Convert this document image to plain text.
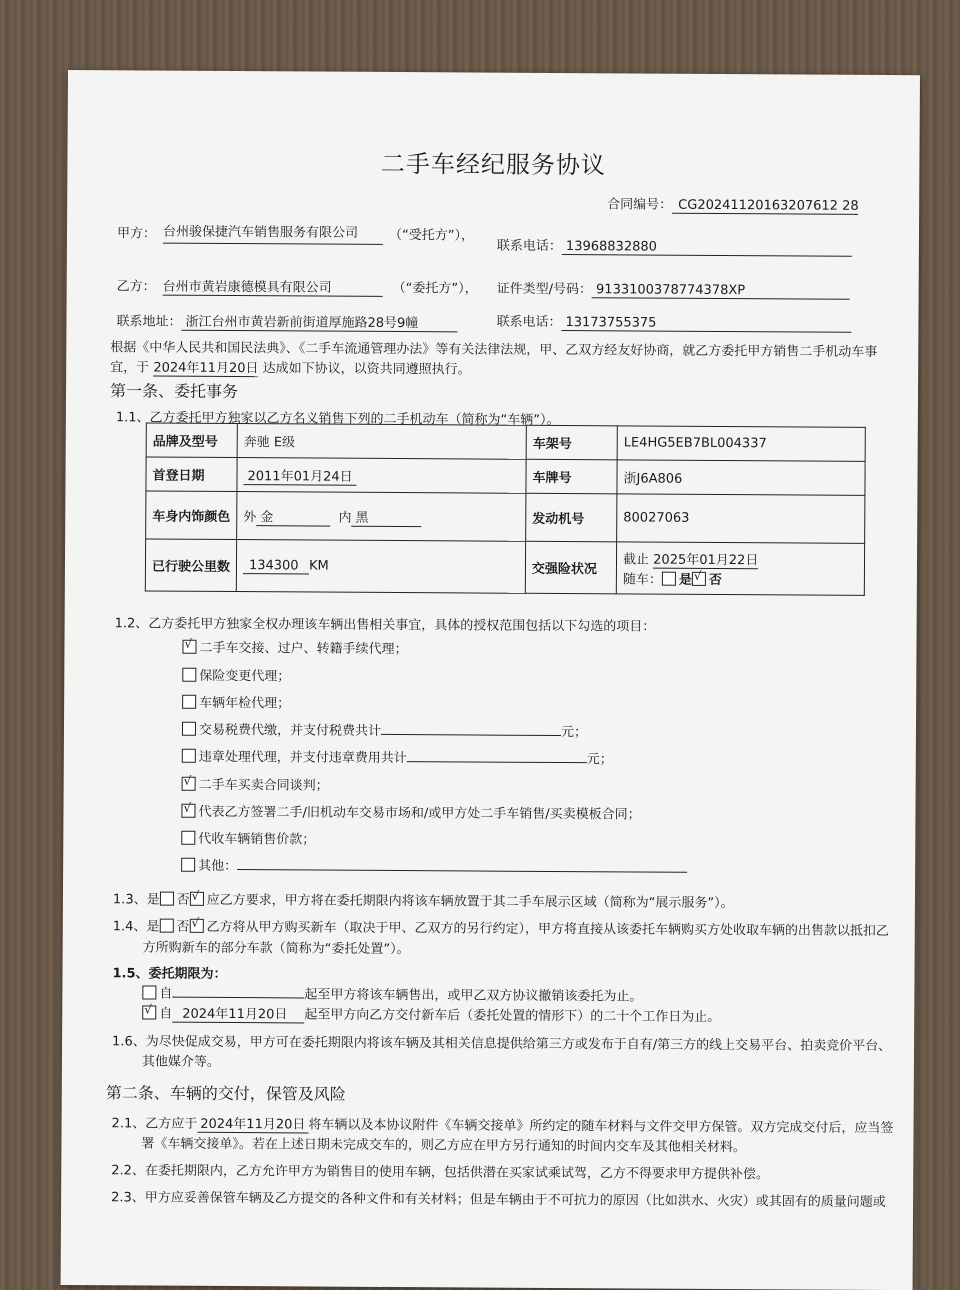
二手车经纪服务协议
合同编号： CG20241120163207612 28
甲方： 台州骏保捷汽车销售服务有限公司	（“受托方”），
联系电话： 13968832880
乙方： 台州市黄岩康德模具有限公司	（“委托方”）， 证件类型/号码： 9133100378774378XP
联系地址： 浙江台州市黄岩新前街道厚施路28号9幢	联系电话： 13173755375
根据《中华人民共和国民法典》、《二手车流通管理办法》等有关法律法规，甲、乙双方经友好协商，就乙方委托甲方销售二手机动车事
宜，于 2024年11月20日 达成如下协议，以资共同遵照执行。
第一条、委托事务
1.1、乙方委托甲方独家以乙方名义销售下列的二手机动车（简称为“车辆”）。
品牌及型号	奔驰 E级	车架号	LE4HG5EB7BL004337
首登日期	2011年01月24日	车牌号	浙J6A806
车身内饰颜色	外 金 内 黑	发动机号	80027063
已行驶公里数	134300 KM	交强险状况	截止 2025年01月22日
随车： 是 √ 否
1.2、乙方委托甲方独家全权办理该车辆出售相关事宜，具体的授权范围包括以下勾选的项目：
√二手车交接、过户、转籍手续代理；
保险变更代理；
车辆年检代理；
交易税费代缴，并支付税费共计	元；
违章处理代理，并支付违章费用共计	元；
√二手车买卖合同谈判；
√代表乙方签署二手/旧机动车交易市场和/或甲方处二手车销售/买卖模板合同；
代收车辆销售价款；
其他：
1.3、是 否 √ 应乙方要求，甲方将在委托期限内将该车辆放置于其二手车展示区域（简称为“展示服务”）。
1.4、是 否 √ 乙方将从甲方购买新车（取决于甲、乙双方的另行约定），甲方将直接从该委托车辆购买方处收取车辆的出售款以抵扣乙
方所购新车的部分车款（简称为“委托处置”）。
1.5、委托期限为：
自	起至甲方将该车辆售出，或甲乙双方协议撤销该委托为止。
√自 2024年11月20日 起至甲方向乙方交付新车后（委托处置的情形下）的二十个工作日为止。
1.6、为尽快促成交易，甲方可在委托期限内将该车辆及其相关信息提供给第三方或发布于自有/第三方的线上交易平台、拍卖竞价平台、
其他媒介等。
第二条、车辆的交付，保管及风险
2.1、乙方应于 2024年11月20日 将车辆以及本协议附件《车辆交接单》所约定的随车材料与文件交甲方保管。双方完成交付后，应当签
署《车辆交接单》。若在上述日期未完成交车的，则乙方应在甲方另行通知的时间内交车及其他相关材料。
2.2、在委托期限内，乙方允许甲方为销售目的使用车辆，包括供潜在买家试乘试驾，乙方不得要求甲方提供补偿。
2.3、甲方应妥善保管车辆及乙方提交的各种文件和有关材料；但是车辆由于不可抗力的原因（比如洪水、火灾）或其固有的质量问题或
